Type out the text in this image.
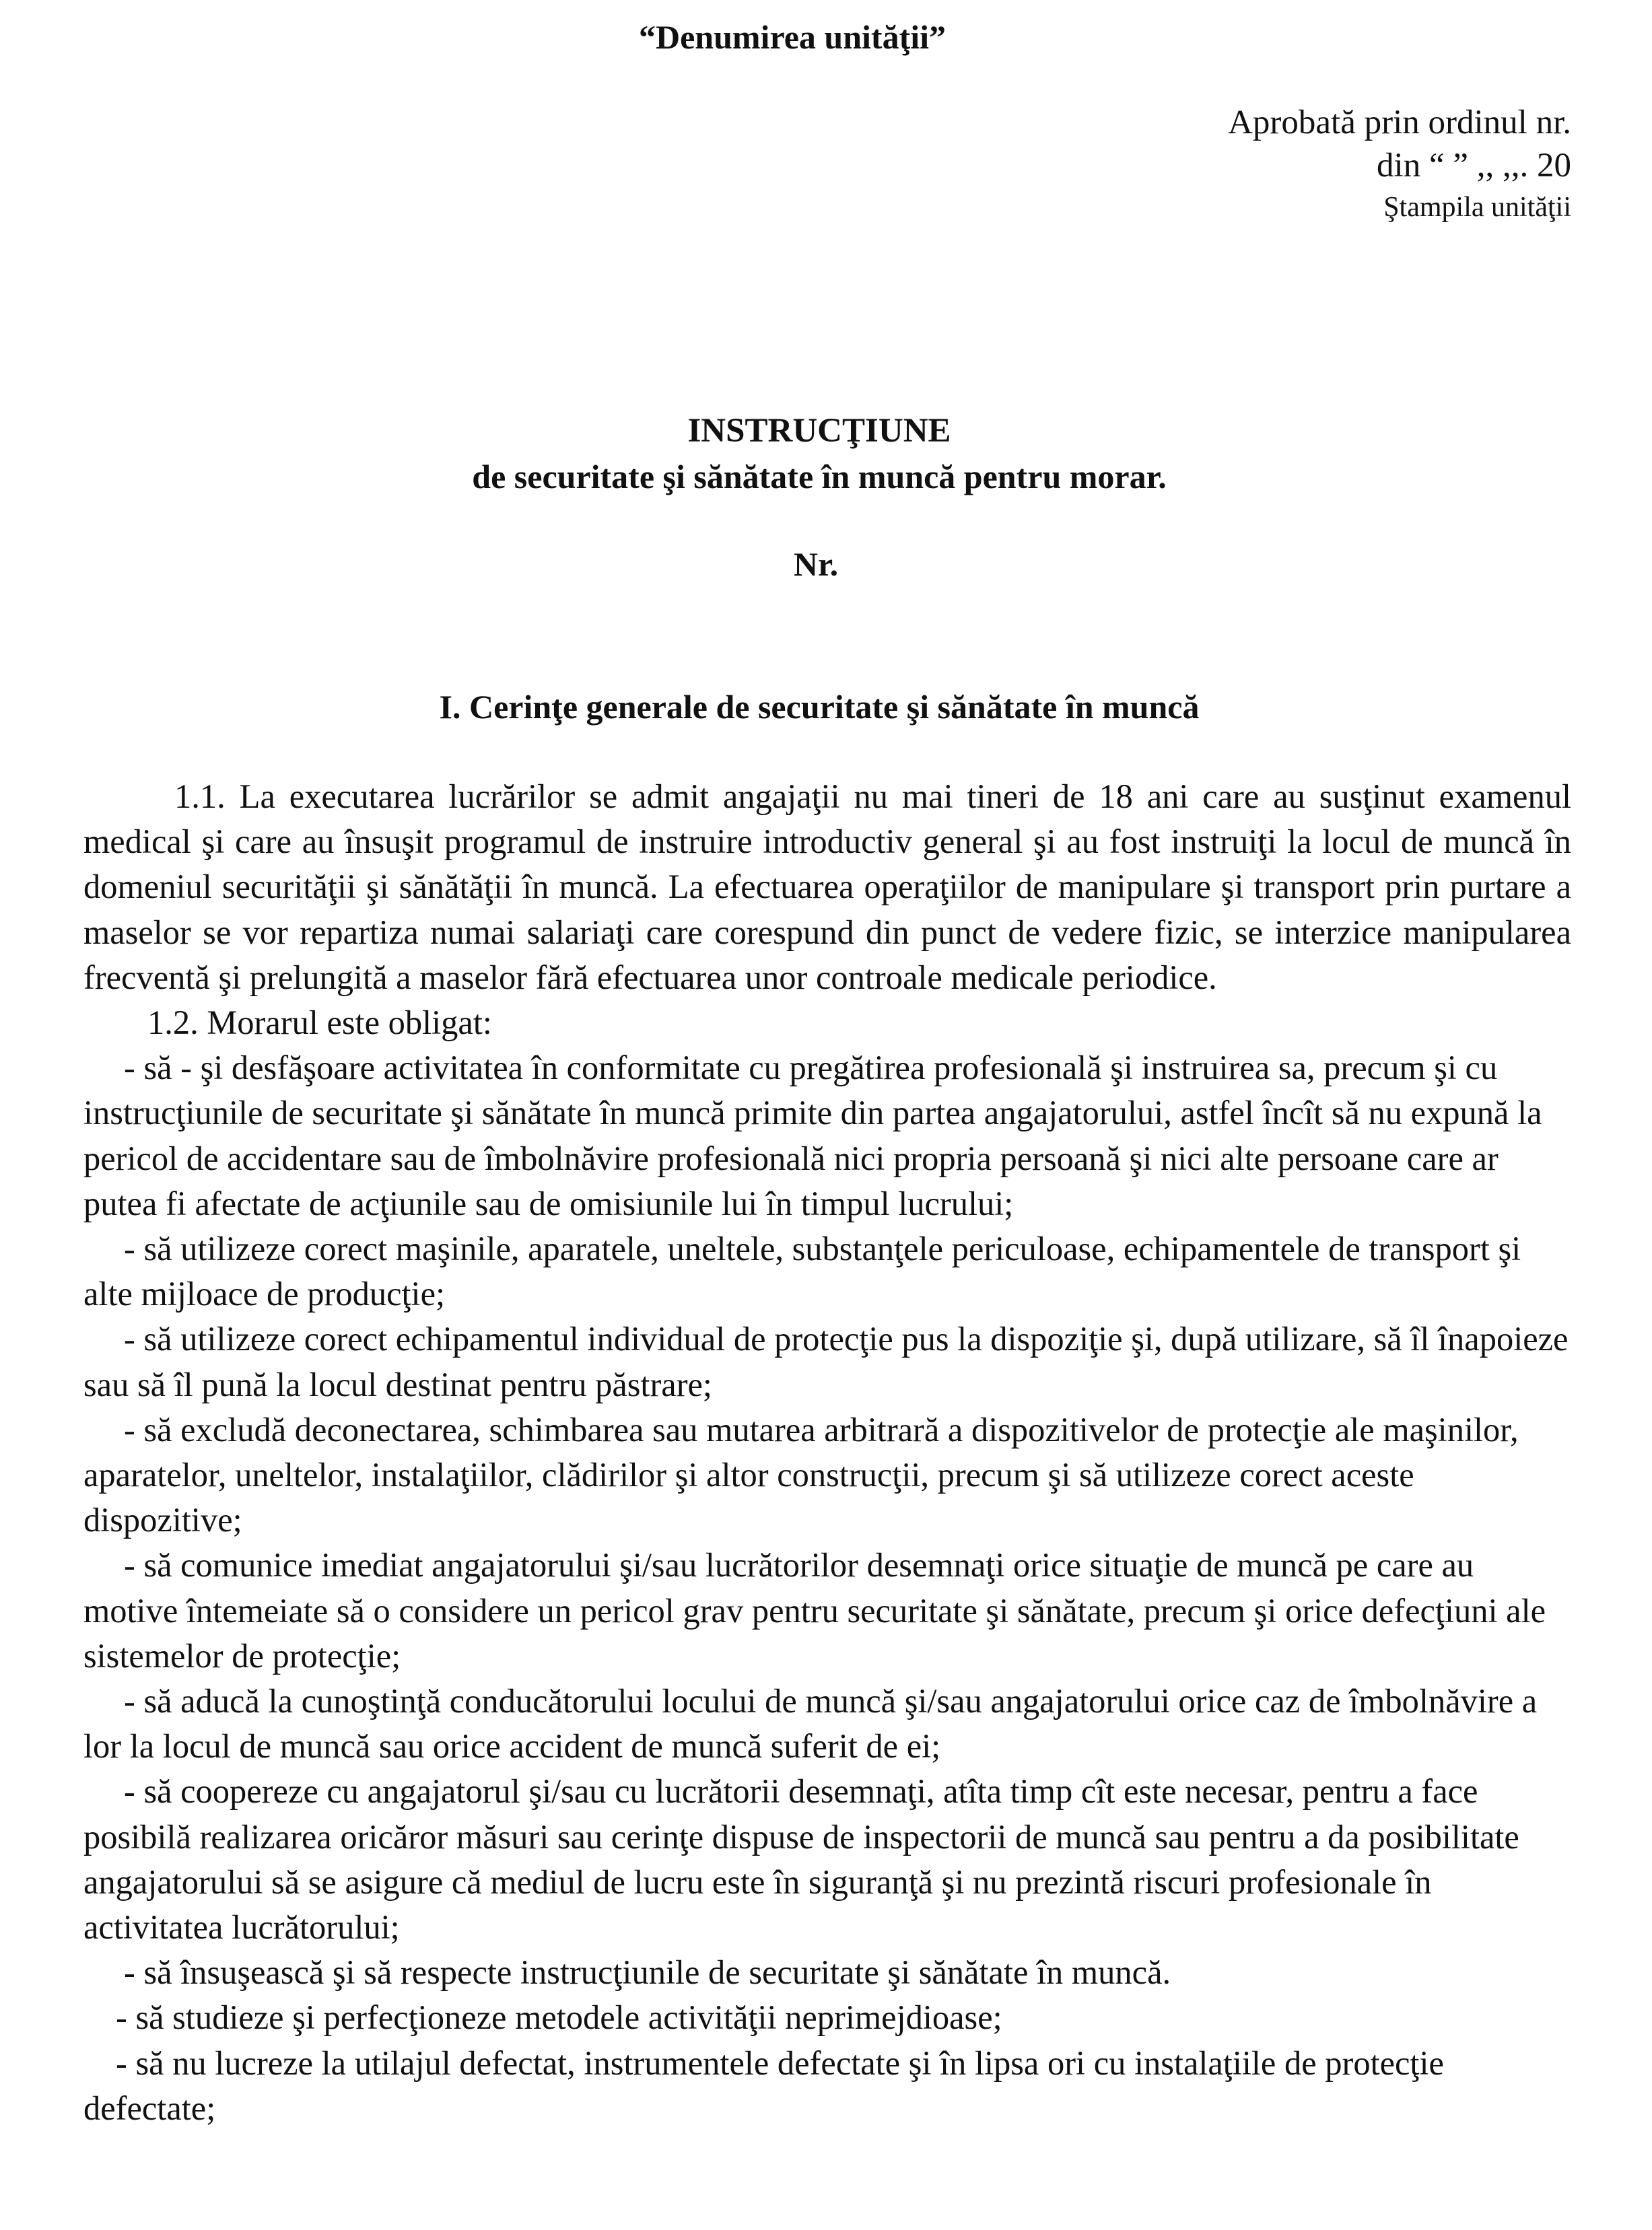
“Denumirea unităţii”
Aprobată prin ordinul nr.
din “ ” ,, ,,. 20
Ştampila unităţii
INSTRUCŢIUNE
de securitate şi sănătate în muncă pentru morar.
Nr.
I. Cerinţe generale de securitate şi sănătate în muncă

1.1. La executarea lucrărilor se admit angajaţii nu mai tineri de 18 ani care au susţinut examenul medical şi care au însuşit programul de instruire introductiv general şi au fost instruiţi la locul de muncă în domeniul securităţii şi sănătăţii în muncă. La efectuarea operaţiilor de manipulare şi transport prin purtare a maselor se vor repartiza numai salariaţi care corespund din punct de vedere fizic, se interzice manipularea frecventă şi prelungită a maselor fără efectuarea unor controale medicale periodice.

1.2. Morarul este obligat:

- să - şi desfăşoare activitatea în conformitate cu pregătirea profesională şi instruirea sa, precum şi cu instrucţiunile de securitate şi sănătate în muncă primite din partea angajatorului, astfel încît să nu expună la pericol de accidentare sau de îmbolnăvire profesională nici propria persoană şi nici alte persoane care ar putea fi afectate de acţiunile sau de omisiunile lui în timpul lucrului;
- să utilizeze corect maşinile, aparatele, uneltele, substanţele periculoase, echipamentele de transport şi alte mijloace de producţie;
- să utilizeze corect echipamentul individual de protecţie pus la dispoziţie şi, după utilizare, să îl înapoieze sau să îl pună la locul destinat pentru păstrare;
- să excludă deconectarea, schimbarea sau mutarea arbitrară a dispozitivelor de protecţie ale maşinilor, aparatelor, uneltelor, instalaţiilor, clădirilor şi altor construcţii, precum şi să utilizeze corect aceste dispozitive;
- să comunice imediat angajatorului şi/sau lucrătorilor desemnaţi orice situaţie de muncă pe care au motive întemeiate să o considere un pericol grav pentru securitate şi sănătate, precum şi orice defecţiuni ale sistemelor de protecţie;
- să aducă la cunoştinţă conducătorului locului de muncă şi/sau angajatorului orice caz de îmbolnăvire a lor la locul de muncă sau orice accident de muncă suferit de ei;
- să coopereze cu angajatorul şi/sau cu lucrătorii desemnaţi, atîta timp cît este necesar, pentru a face posibilă realizarea oricăror măsuri sau cerinţe dispuse de inspectorii de muncă sau pentru a da posibilitate angajatorului să se asigure că mediul de lucru este în siguranţă şi nu prezintă riscuri profesionale în activitatea lucrătorului;
- să însuşească şi să respecte instrucţiunile de securitate şi sănătate în muncă.
- să studieze şi perfecţioneze metodele activităţii neprimejdioase;
- să nu lucreze la utilajul defectat, instrumentele defectate şi în lipsa ori cu instalaţiile de protecţie defectate;
